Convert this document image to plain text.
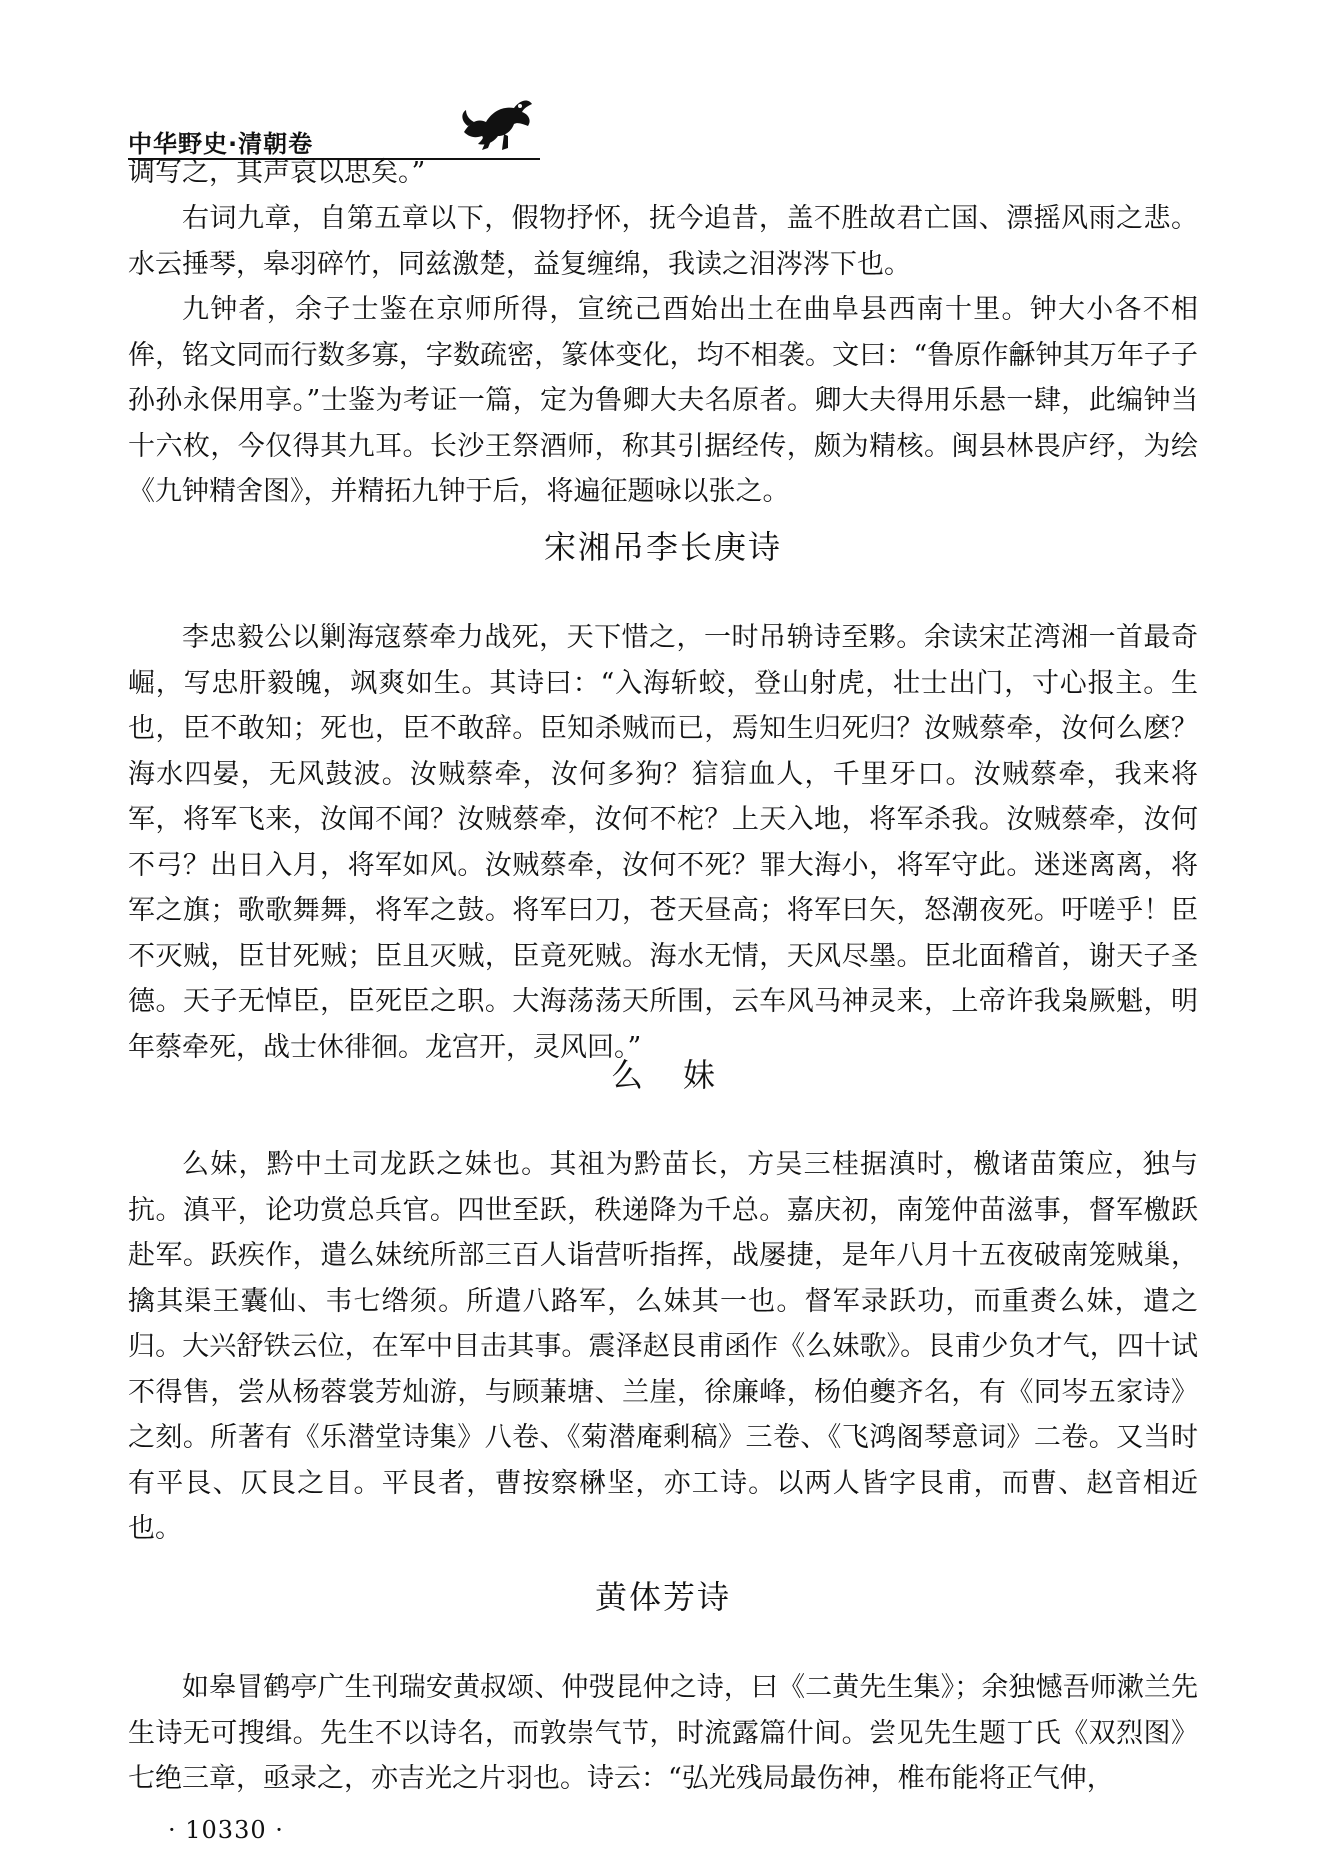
中华野史·清朝卷

调写之，其声哀以思矣。”

右词九章，自第五章以下，假物抒怀，抚今追昔，盖不胜故君亡国、漂摇风雨之悲。水云捶琴，皋羽碎竹，同兹激楚，益复缠绵，我读之泪涔涔下也。

九钟者，余子士鉴在京师所得，宣统己酉始出土在曲阜县西南十里。钟大小各不相侔，铭文同而行数多寡，字数疏密，篆体变化，均不相袭。文曰：“鲁原作龢钟其万年子子孙孙永保用享。”士鉴为考证一篇，定为鲁卿大夫名原者。卿大夫得用乐悬一肆，此编钟当十六枚，今仅得其九耳。长沙王祭酒师，称其引据经传，颇为精核。闽县林畏庐纾，为绘《九钟精舍图》，并精拓九钟于后，将遍征题咏以张之。

宋湘吊李长庚诗

李忠毅公以剿海寇蔡牵力战死，天下惜之，一时吊辀诗至夥。余读宋芷湾湘一首最奇崛，写忠肝毅魄，飒爽如生。其诗曰：“入海斩蛟，登山射虎，壮士出门，寸心报主。生也，臣不敢知；死也，臣不敢辞。臣知杀贼而已，焉知生归死归？汝贼蔡牵，汝何么麽？海水四晏，无风鼓波。汝贼蔡牵，汝何多狗？狺狺血人，千里牙口。汝贼蔡牵，我来将军，将军飞来，汝闻不闻？汝贼蔡牵，汝何不柁？上天入地，将军杀我。汝贼蔡牵，汝何不弓？出日入月，将军如风。汝贼蔡牵，汝何不死？罪大海小，将军守此。迷迷离离，将军之旗；歌歌舞舞，将军之鼓。将军曰刀，苍天昼高；将军曰矢，怒潮夜死。吁嗟乎！臣不灭贼，臣甘死贼；臣且灭贼，臣竟死贼。海水无情，天风尽墨。臣北面稽首，谢天子圣德。天子无悼臣，臣死臣之职。大海荡荡天所围，云车风马神灵来，上帝许我枭厥魁，明年蔡牵死，战士休徘徊。龙宫开，灵风回。”

么妹

么妹，黔中土司龙跃之妹也。其祖为黔苗长，方吴三桂据滇时，檄诸苗策应，独与抗。滇平，论功赏总兵官。四世至跃，秩递降为千总。嘉庆初，南笼仲苗滋事，督军檄跃赴军。跃疾作，遣么妹统所部三百人诣营听指挥，战屡捷，是年八月十五夜破南笼贼巢，擒其渠王囊仙、韦七绺须。所遣八路军，么妹其一也。督军录跃功，而重赉么妹，遣之归。大兴舒铁云位，在军中目击其事。震泽赵艮甫函作《么妹歌》。艮甫少负才气，四十试不得售，尝从杨蓉裳芳灿游，与顾蒹塘、兰崖，徐廉峰，杨伯夔齐名，有《同岑五家诗》之刻。所著有《乐潜堂诗集》八卷、《菊潜庵剩稿》三卷、《飞鸿阁琴意词》二卷。又当时有平艮、仄艮之目。平艮者，曹按察楙坚，亦工诗。以两人皆字艮甫，而曹、赵音相近也。

黄体芳诗

如皋冒鹤亭广生刊瑞安黄叔颂、仲弢昆仲之诗，曰《二黄先生集》；余独憾吾师漱兰先生诗无可搜缉。先生不以诗名，而敦崇气节，时流露篇什间。尝见先生题丁氏《双烈图》七绝三章，亟录之，亦吉光之片羽也。诗云：“弘光残局最伤神，椎布能将正气伸，

· 10330 ·
